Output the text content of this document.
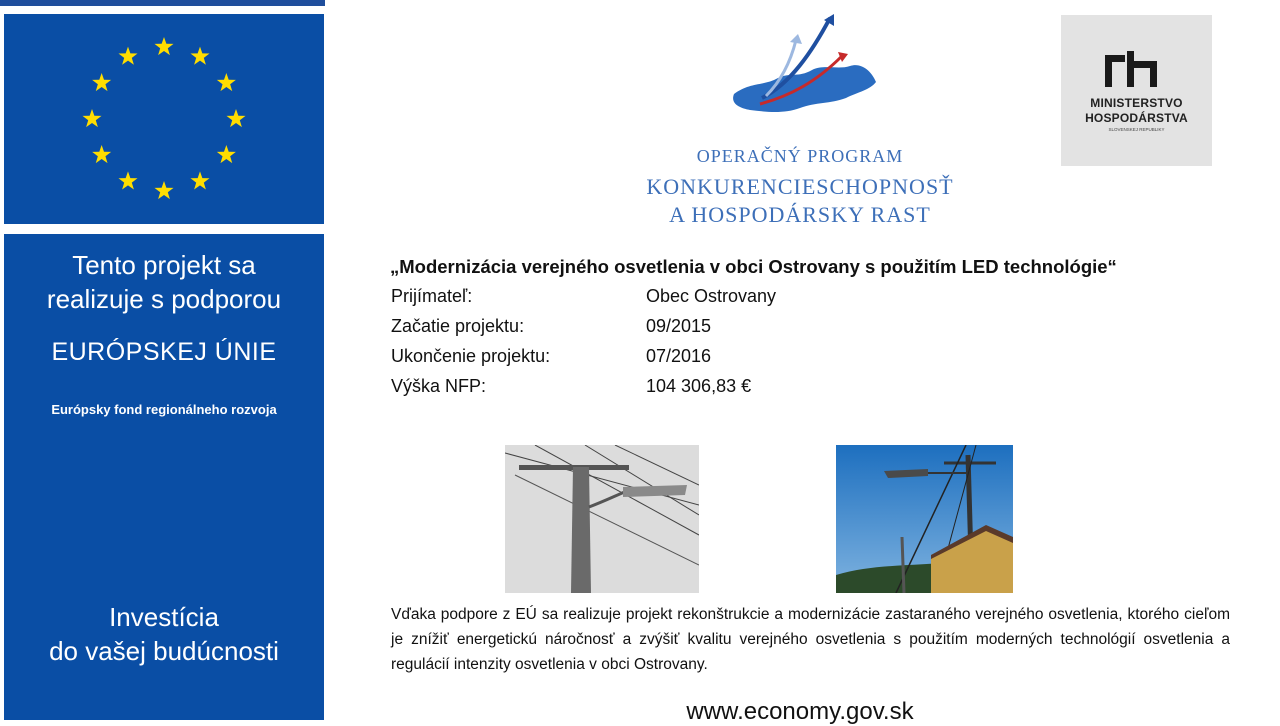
Tento projekt sa
realizuje s podporou
EURÓPSKEJ ÚNIE
Európsky fond regionálneho rozvoja
Investícia
do vašej budúcnosti
OPERAČNÝ PROGRAM
KONKURENCIESCHOPNOSŤ
A HOSPODÁRSKY RAST
MINISTERSTVO
HOSPODÁRSTVA
SLOVENSKEJ REPUBLIKY
„Modernizácia verejného osvetlenia v obci Ostrovany s použitím LED technológie“
Prijímateľ:	Obec Ostrovany
Začatie projektu:	09/2015
Ukončenie projektu:	07/2016
Výška NFP:	104 306,83 €
Vďaka podpore z EÚ sa realizuje projekt rekonštrukcie a modernizácie zastaraného verejného osvetlenia, ktorého cieľom je znížiť energetickú náročnosť a zvýšiť kvalitu verejného osvetlenia s použitím moderných technológií osvetlenia a regulácií intenzity osvetlenia v obci Ostrovany.
www.economy.gov.sk
